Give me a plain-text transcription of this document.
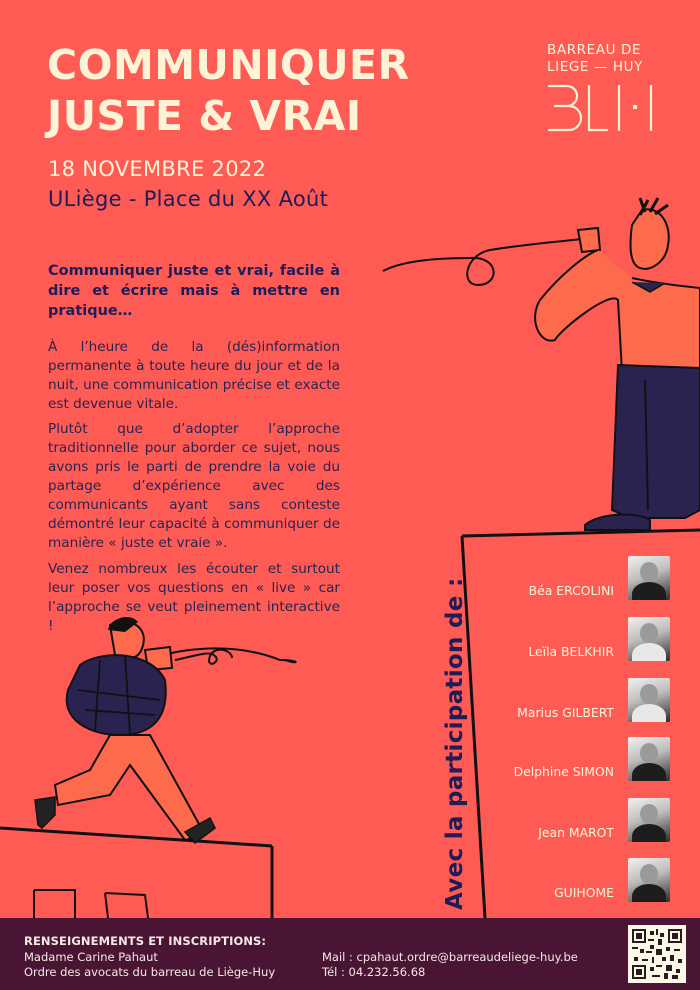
COMMUNIQUER
JUSTE & VRAI
18 NOVEMBRE 2022
ULiège - Place du XX Août
BARREAU DE
LIEGE — HUY
Communiquer juste et vrai, facile à dire et écrire mais à mettre en pratique…

À l’heure de la (dés)information permanente à toute heure du jour et de la nuit, une communication précise et exacte est devenue vitale.

Plutôt que d’adopter l’approche traditionnelle pour aborder ce sujet, nous avons pris le parti de prendre la voie du partage d’expérience avec des communicants ayant sans conteste démontré leur capacité à communiquer de manière « juste et vraie ».

Venez nombreux les écouter et surtout leur poser vos questions en « live » car l’approche se veut pleinement interactive !	Avec la participation de :	Béa ERCOLINI
Leïla BELKHIR
Marius GILBERT
Delphine SIMON
Jean MAROT
GUIHOME
RENSEIGNEMENTS ET INSCRIPTIONS:
Madame Carine Pahaut
Ordre des avocats du barreau de Liège-Huy
Mail : cpahaut.ordre@barreaudeliege-huy.be
Tél : 04.232.56.68
